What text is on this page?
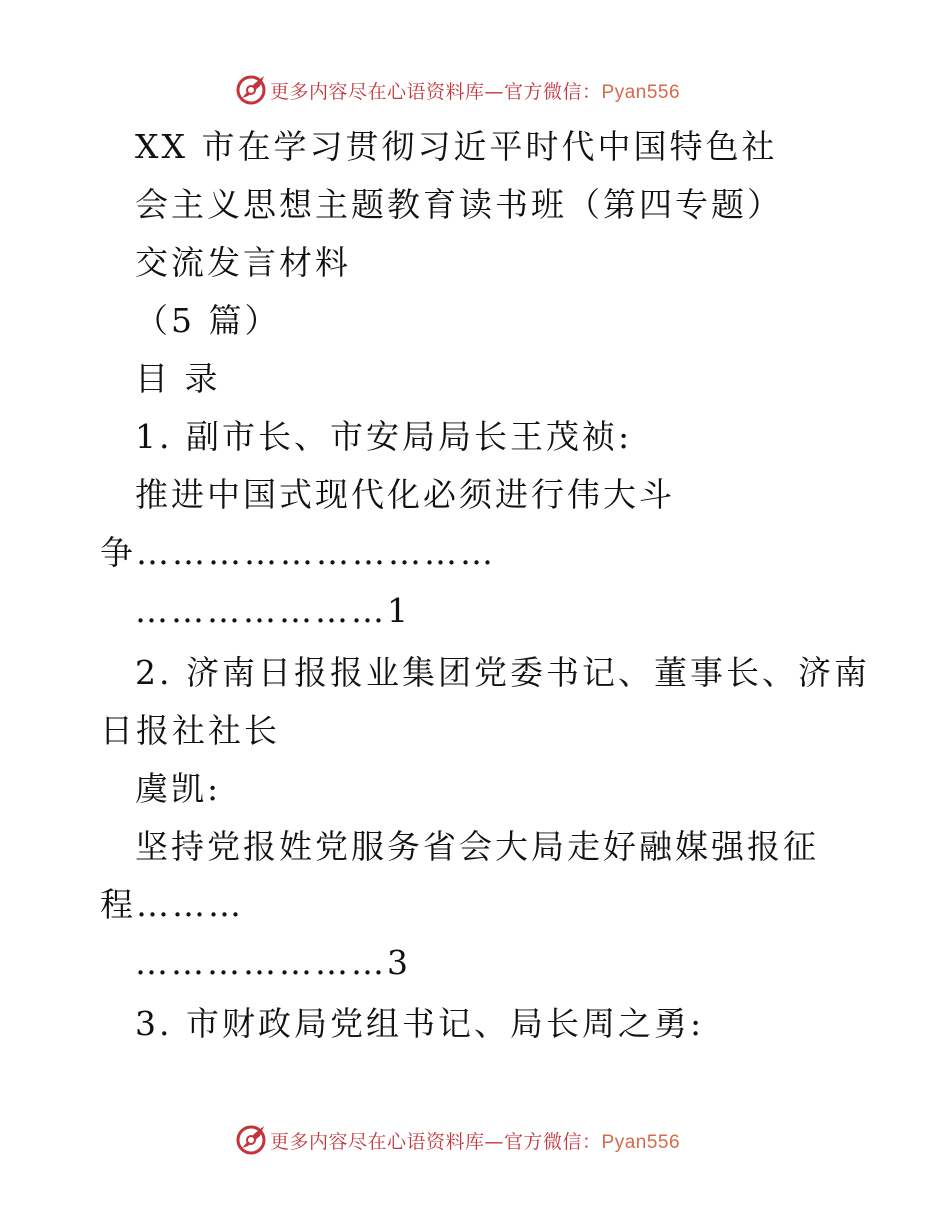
更多内容尽在心语资料库—官方微信：Pyan556
XX 市在学习贯彻习近平时代中国特色社
会主义思想主题教育读书班（第四专题）
交流发言材料
（5 篇）
目 录
1. 副市长、市安局局长王茂祯:
推进中国式现代化必须进行伟大斗
争…………………………
…………………1
2. 济南日报报业集团党委书记、董事长、济南
日报社社长
虞凯:
坚持党报姓党服务省会大局走好融媒强报征
程………
…………………3
3. 市财政局党组书记、局长周之勇:
更多内容尽在心语资料库—官方微信：Pyan556
